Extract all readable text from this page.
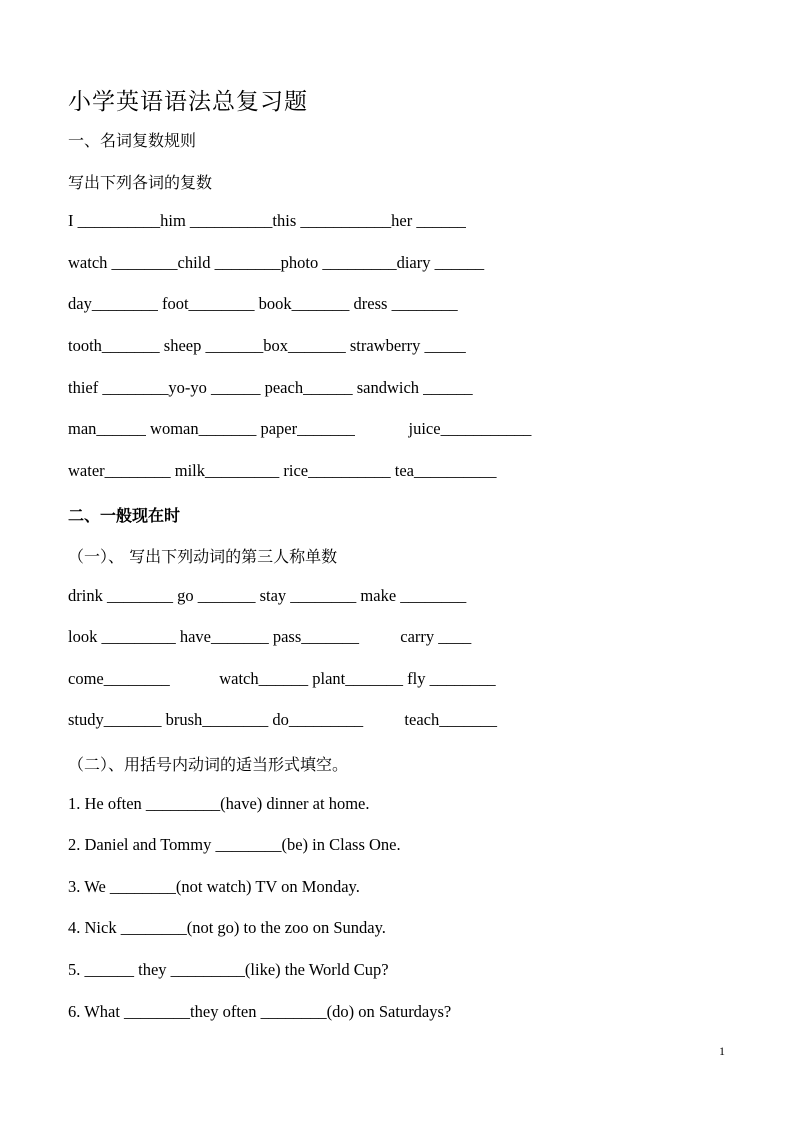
小学英语语法总复习题
一、名词复数规则
写出下列各词的复数
I __________him __________this ___________her ______
watch ________child ________photo _________diary ______
day________ foot________ book_______ dress ________
tooth_______ sheep _______box_______ strawberry _____
thief ________yo-yo ______ peach______ sandwich ______
man______ woman_______ paper_______             juice___________
water________ milk_________ rice__________ tea__________
二、一般现在时
（一）、 写出下列动词的第三人称单数
drink ________ go _______ stay ________ make ________
look _________ have_______ pass_______          carry ____
come________            watch______ plant_______ fly ________
study_______ brush________ do_________          teach_______
（二）、用括号内动词的适当形式填空。
1. He often _________(have) dinner at home.
2. Daniel and Tommy ________(be) in Class One.
3. We ________(not watch) TV on Monday.
4. Nick ________(not go) to the zoo on Sunday.
5. ______ they _________(like) the World Cup?
6. What ________they often ________(do) on Saturdays?
1
